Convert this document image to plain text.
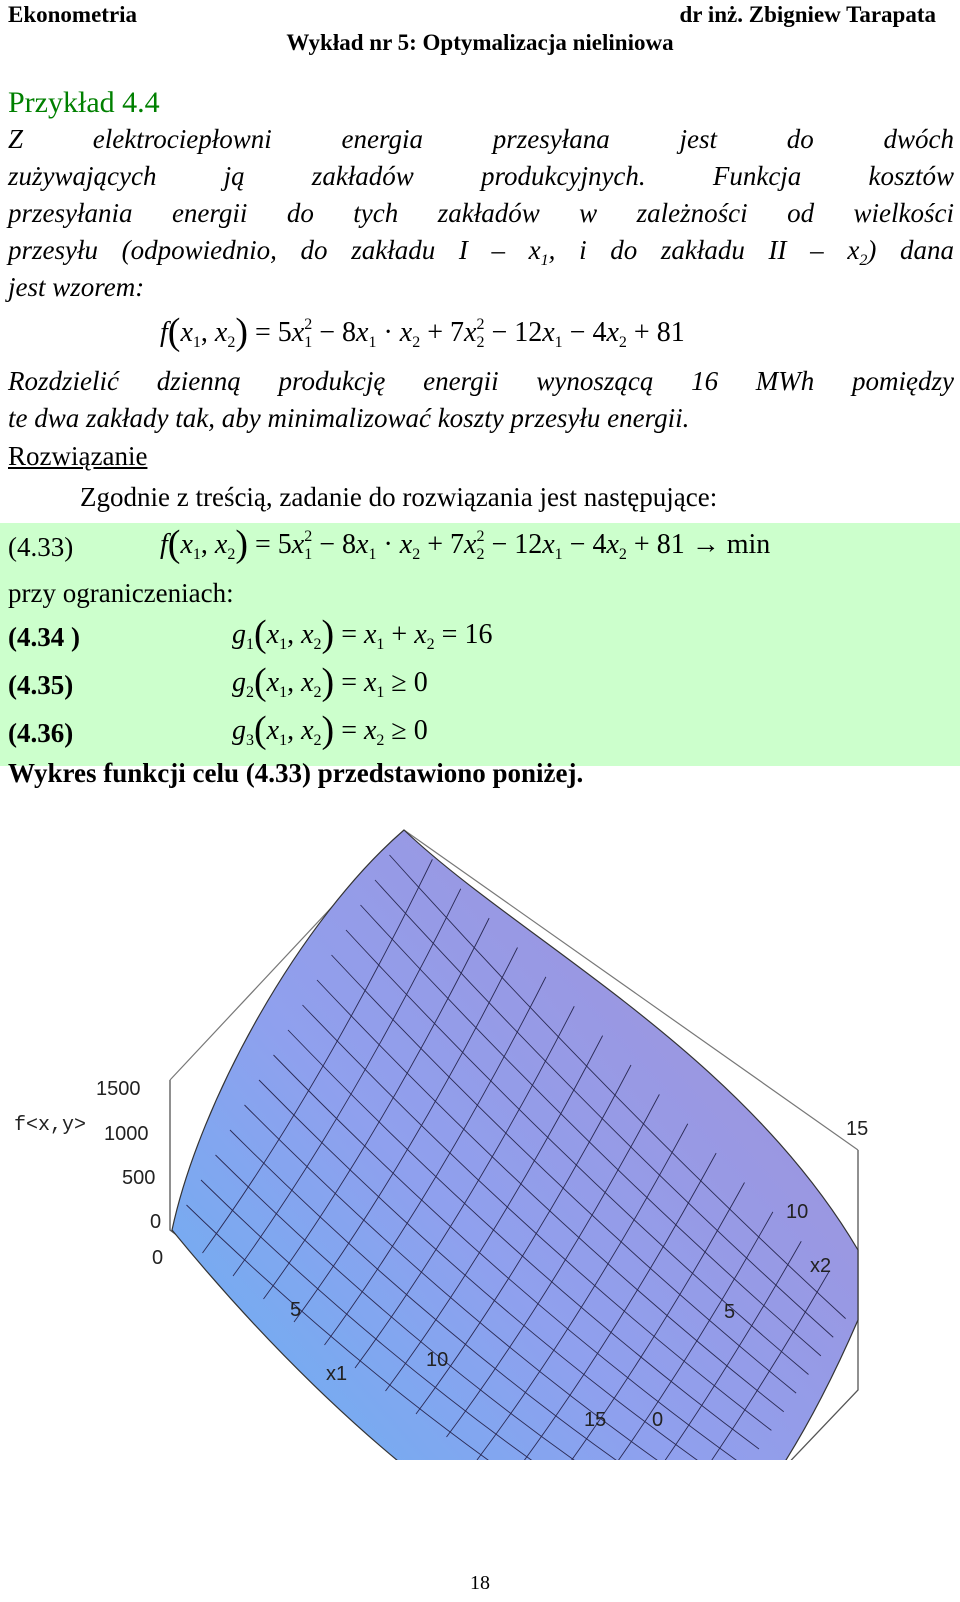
Ekonometria	dr inż. Zbigniew Tarapata
Wykład nr 5: Optymalizacja nieliniowa
Przykład 4.4
Z elektrociepłowni energia przesyłana jest do dwóch
zużywających ją zakładów produkcyjnych. Funkcja kosztów
przesyłania energii do tych zakładów w zależności od wielkości
przesyłu (odpowiednio, do zakładu I – $x_1$, i do zakładu II – $x_2$) dana
jest wzorem:
$f(x_1$, $x_2) = 5x_1^2 - 8x_1 \cdot x_2 + 7x_2^2 - 12x_1 - 4x_2 + 81$
Rozdzielić dzienną produkcję energii wynoszącą 16 MWh pomiędzy
te dwa zakłady tak, aby minimalizować koszty przesyłu energii.
Rozwiązanie
Zgodnie z treścią, zadanie do rozwiązania jest następujące:
(4.33)	$f(x_1$, $x_2) = 5x_1^2 - 8x_1 \cdot x_2 + 7x_2^2 - 12x_1 - 4x_2 + 81 \to \min$
przy ograniczeniach:
(4.34 )	$g_1(x_1$, $x_2) = x_1 + x_2 = 16$
(4.35)	$g_2(x_1$, $x_2) = x_1 \ge 0$
(4.36)	$g_3(x_1$, $x_2) = x_2 \ge 0$
Wykres funkcji celu (4.33) przedstawiono poniżej.
f<x,y>
1500
1000
500
0
0
5
x1
10
15 0
5
x2
10
15
18
